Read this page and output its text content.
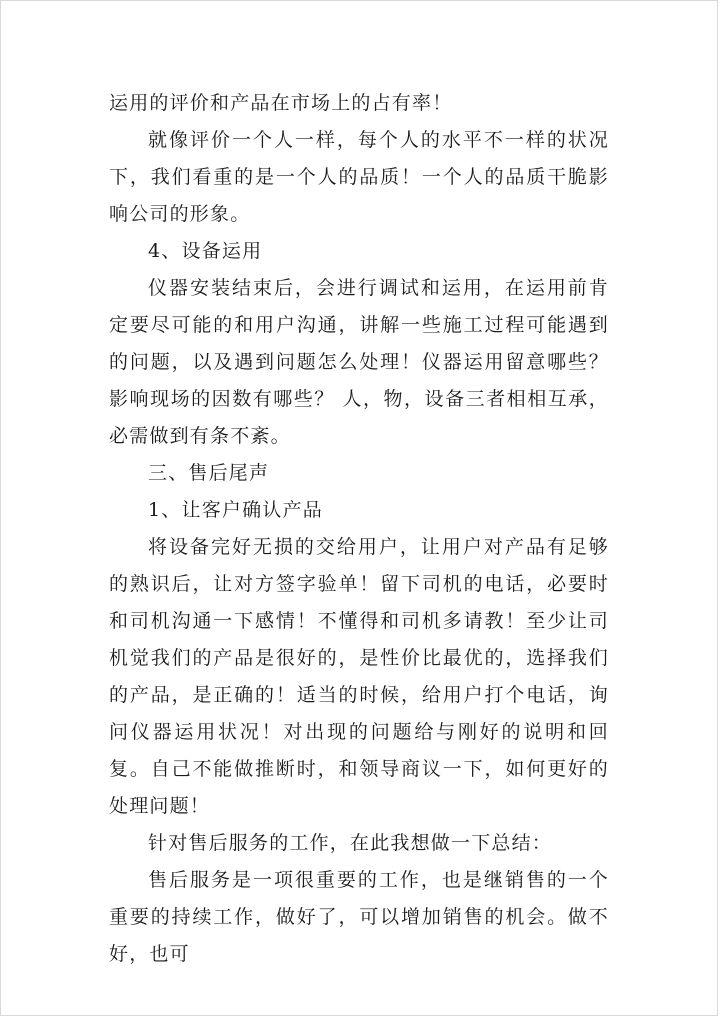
运用的评价和产品在市场上的占有率！

就像评价一个人一样，每个人的水平不一样的状况下，我们看重的是一个人的品质！一个人的品质干脆影响公司的形象。

4、设备运用

仪器安装结束后，会进行调试和运用，在运用前肯定要尽可能的和用户沟通，讲解一些施工过程可能遇到的问题，以及遇到问题怎么处理！仪器运用留意哪些？影响现场的因数有哪些？ 人，物，设备三者相相互承，必需做到有条不紊。

三、售后尾声

1、让客户确认产品

将设备完好无损的交给用户，让用户对产品有足够的熟识后，让对方签字验单！留下司机的电话，必要时和司机沟通一下感情！不懂得和司机多请教！至少让司机觉我们的产品是很好的，是性价比最优的，选择我们的产品，是正确的！适当的时候，给用户打个电话，询问仪器运用状况！对出现的问题给与刚好的说明和回复。自己不能做推断时，和领导商议一下，如何更好的处理问题！

针对售后服务的工作，在此我想做一下总结：

售后服务是一项很重要的工作，也是继销售的一个重要的持续工作，做好了，可以增加销售的机会。做不好，也可
